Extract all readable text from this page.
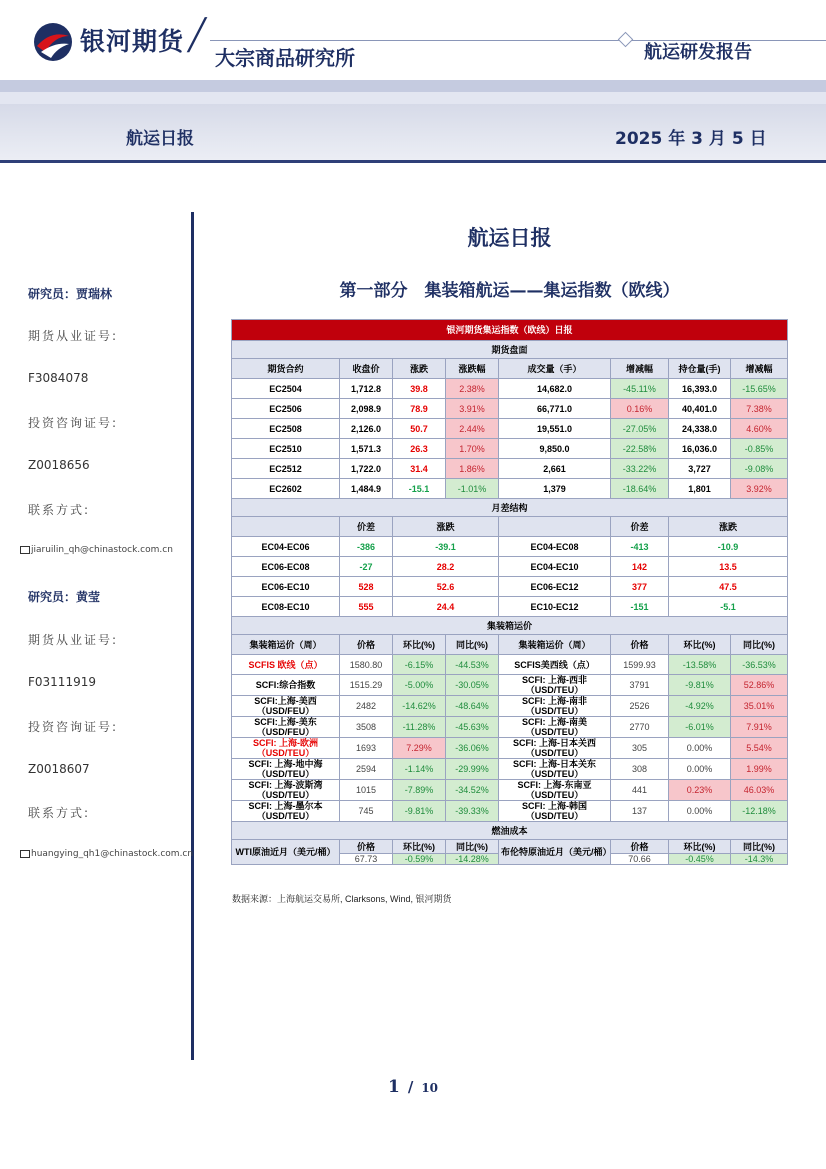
银河期货 ╱
大宗商品研究所	航运研发报告
航运日报	2025 年 3 月 5 日
研究员：贾瑞林
期货从业证号:
F3084078
投资咨询证号:
Z0018656
联系方式:
jiaruilin_qh@chinastock.com.cn
研究员：黄莹
期货从业证号:
F03111919
投资咨询证号:
Z0018607
联系方式:
huangying_qh1@chinastock.com.cn
航运日报
第一部分　集装箱航运——集运指数（欧线）
银河期货集运指数（欧线）日报							
期货盘面							
期货合约	收盘价	涨跌	涨跌幅	成交量（手）	增减幅	持仓量(手)	增减幅
EC2504	1,712.8	39.8	2.38%	14,682.0	-45.11%	16,393.0	-15.65%
EC2506	2,098.9	78.9	3.91%	66,771.0	0.16%	40,401.0	7.38%
EC2508	2,126.0	50.7	2.44%	19,551.0	-27.05%	24,338.0	4.60%
EC2510	1,571.3	26.3	1.70%	9,850.0	-22.58%	16,036.0	-0.85%
EC2512	1,722.0	31.4	1.86%	2,661	-33.22%	3,727	-9.08%
EC2602	1,484.9	-15.1	-1.01%	1,379	-18.64%	1,801	3.92%
月差结构							
	价差	涨跌			价差	涨跌	
EC04-EC06	-386	-39.1		EC04-EC08	-413	-10.9	
EC06-EC08	-27	28.2		EC04-EC10	142	13.5	
EC06-EC10	528	52.6		EC06-EC12	377	47.5	
EC08-EC10	555	24.4		EC10-EC12	-151	-5.1	
集装箱运价							
集装箱运价（周）	价格	环比(%)	同比(%)	集装箱运价（周）	价格	环比(%)	同比(%)
SCFIS 欧线（点）	1580.80	-6.15%	-44.53%	SCFIS美西线（点）	1599.93	-13.58%	-36.53%
SCFI:综合指数	1515.29	-5.00%	-30.05%	SCFI: 上海-西非（USD/TEU）	3791	-9.81%	52.86%
SCFI:上海-美西（USD/FEU）	2482	-14.62%	-48.64%	SCFI: 上海-南非（USD/TEU）	2526	-4.92%	35.01%
SCFI:上海-美东（USD/FEU）	3508	-11.28%	-45.63%	SCFI: 上海-南美（USD/TEU）	2770	-6.01%	7.91%
SCFI: 上海-欧洲（USD/TEU）	1693	7.29%	-36.06%	SCFI: 上海-日本关西（USD/TEU）	305	0.00%	5.54%
SCFI: 上海-地中海（USD/TEU）	2594	-1.14%	-29.99%	SCFI: 上海-日本关东（USD/TEU）	308	0.00%	1.99%
SCFI: 上海-波斯湾（USD/TEU）	1015	-7.89%	-34.52%	SCFI: 上海-东南亚（USD/TEU）	441	0.23%	46.03%
SCFI: 上海-墨尔本（USD/TEU）	745	-9.81%	-39.33%	SCFI: 上海-韩国（USD/TEU）	137	0.00%	-12.18%
燃油成本							
WTI原油近月（美元/桶）	价格	环比(%)	同比(%)	布伦特原油近月（美元/桶）	价格	环比(%)	同比(%)
	67.73	-0.59%	-14.28%		70.66	-0.45%	-14.3%
数据来源：上海航运交易所, Clarksons, Wind, 银河期货
1 / 10
